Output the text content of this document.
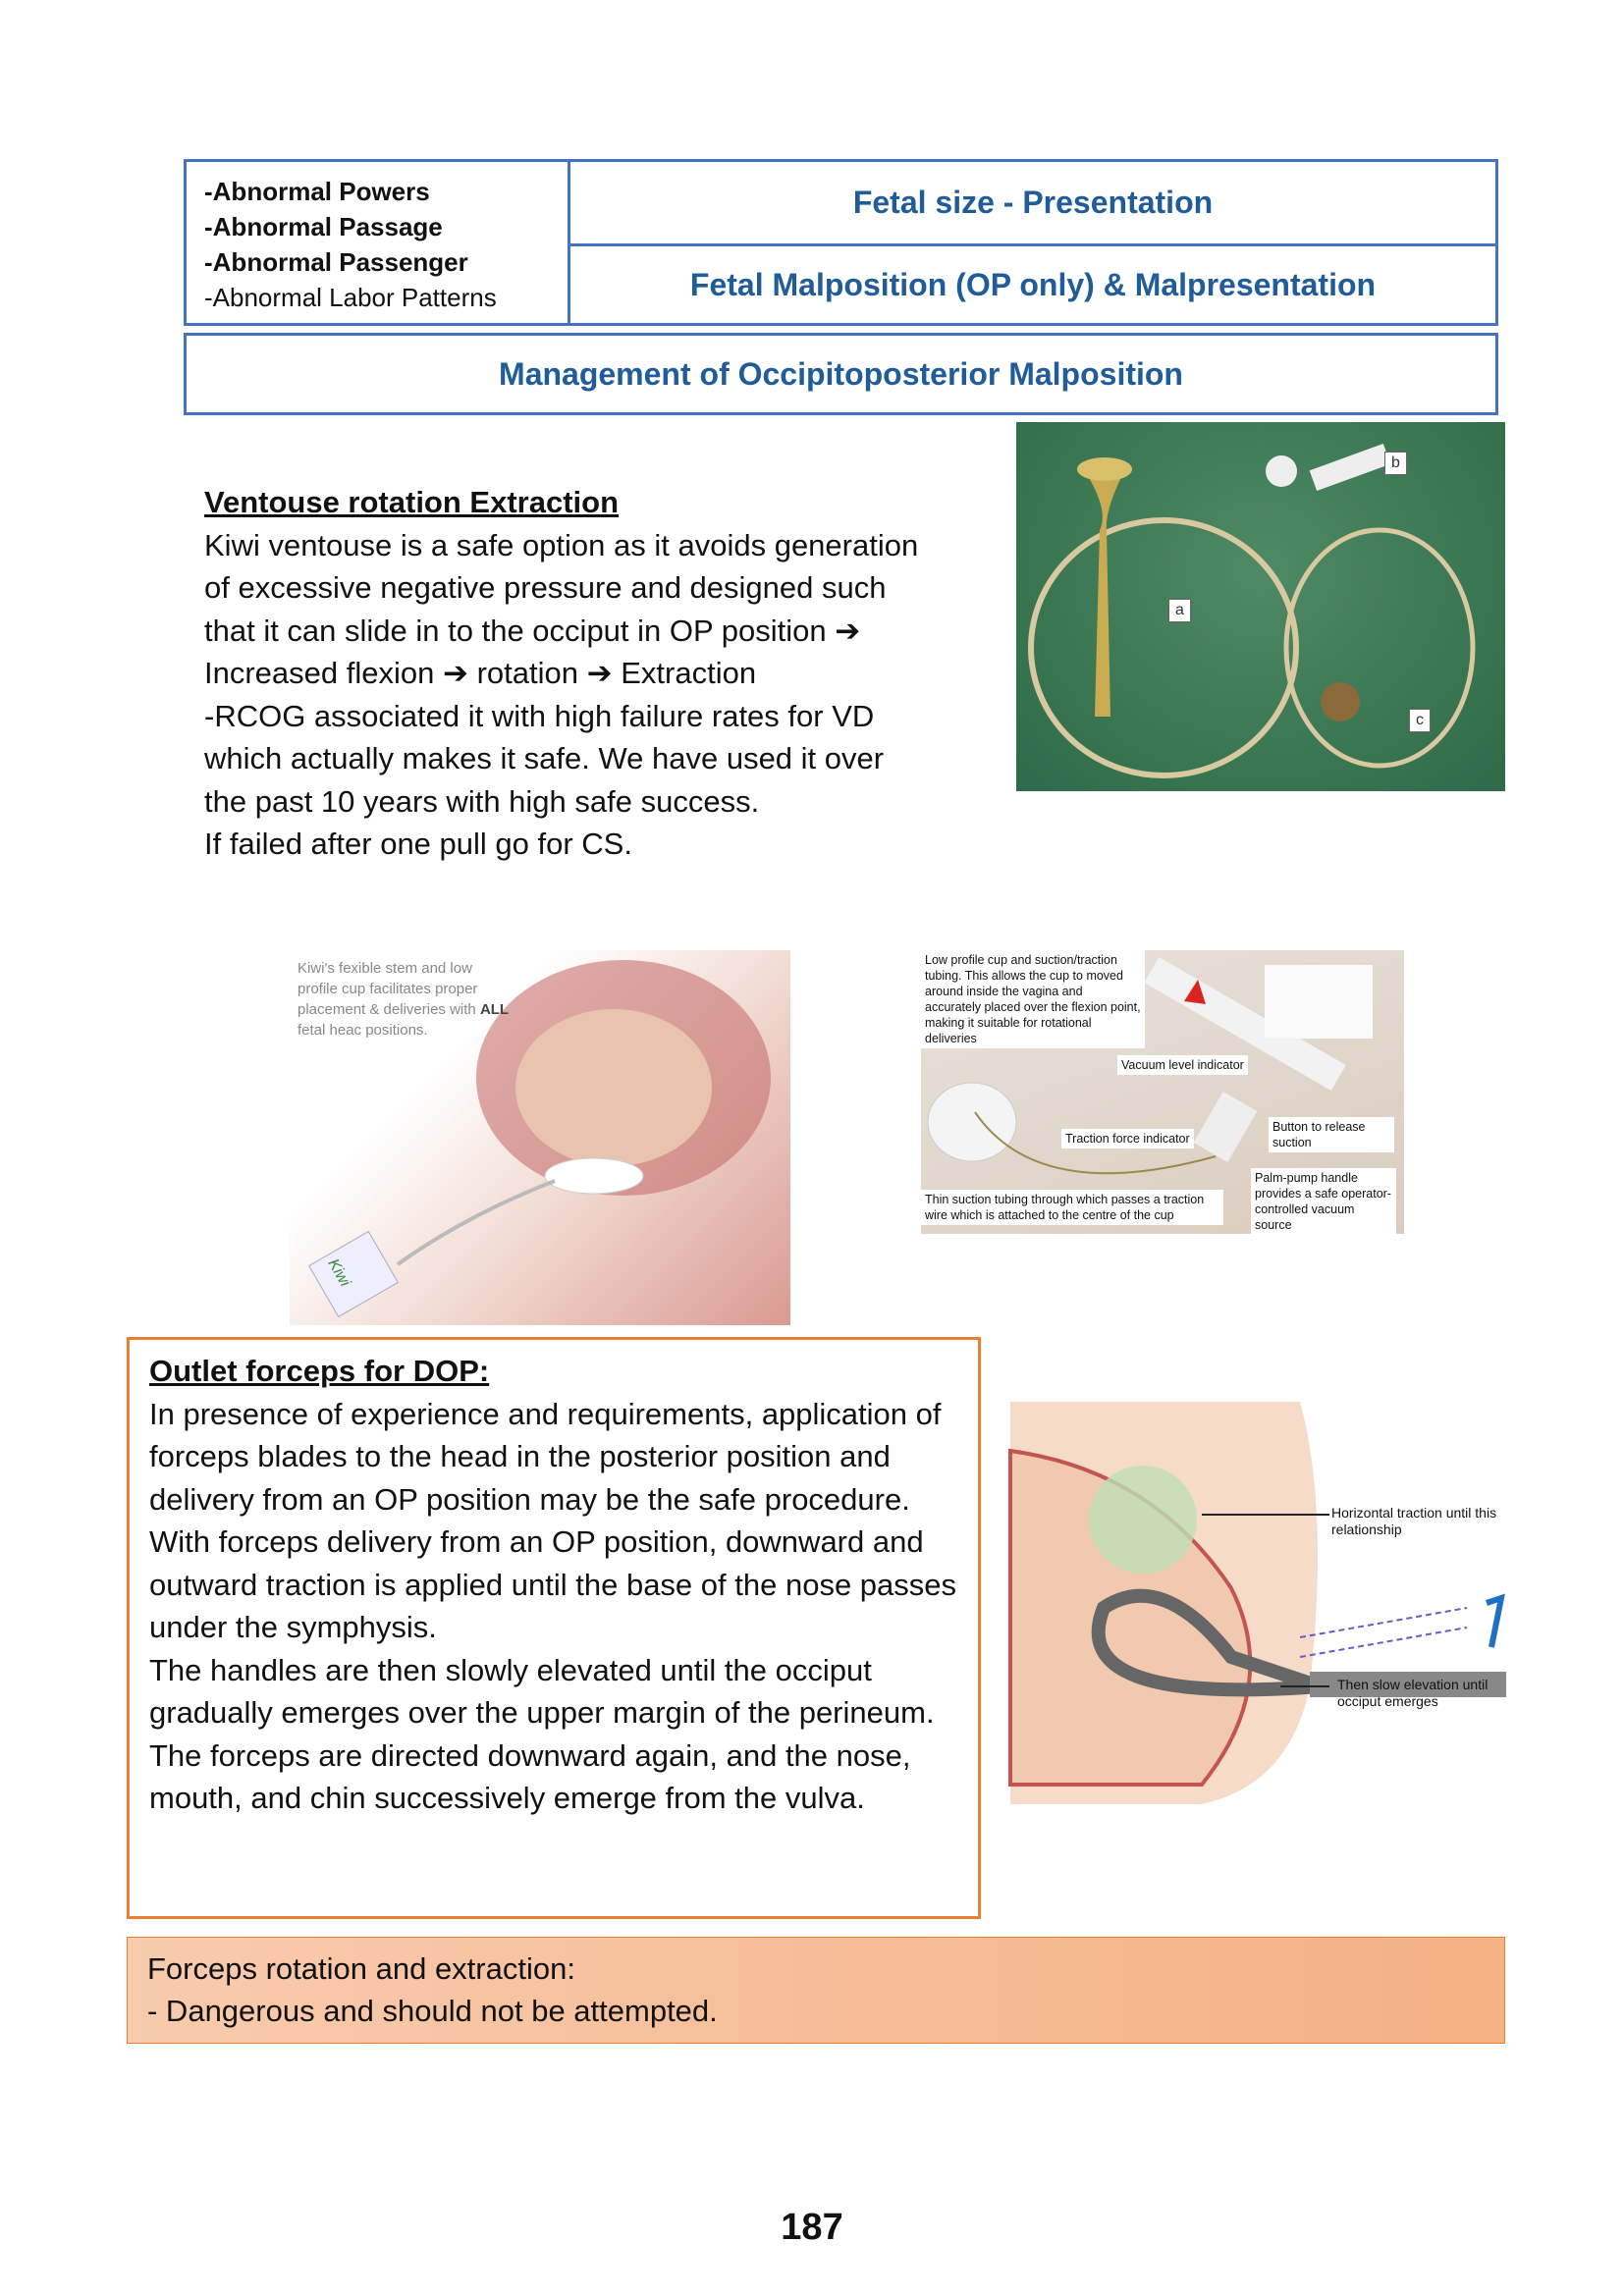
-Abnormal Powers
-Abnormal Passage
-Abnormal Passenger
-Abnormal Labor Patterns
Fetal size - Presentation
Fetal Malposition (OP only) & Malpresentation
Management of Occipitoposterior Malposition
Ventouse rotation Extraction

Kiwi ventouse is a safe option as it avoids generation of excessive negative pressure and designed such that it can slide in to the occiput in OP position ➔ Increased flexion ➔ rotation ➔ Extraction

-RCOG associated it with high failure rates for VD which actually makes it safe. We have used it over the past 10 years with high safe success.

If failed after one pull go for CS.

a
b
c
Kiwi's fexible stem and low profile cup facilitates proper placement & deliveries with ALL fetal heac positions.
Kiwi
Low profile cup and suction/traction tubing. This allows the cup to moved around inside the vagina and accurately placed over the flexion point, making it suitable for rotational deliveries
Vacuum level indicator
Traction force indicator
Button to release suction
Palm-pump handle provides a safe operator-controlled vacuum source
Thin suction tubing through which passes a traction wire which is attached to the centre of the cup
Outlet forceps for DOP:

In presence of experience and requirements, application of forceps blades to the head in the posterior position and delivery from an OP position may be the safe procedure.

With forceps delivery from an OP position, downward and outward traction is applied until the base of the nose passes under the symphysis.

The handles are then slowly elevated until the occiput gradually emerges over the upper margin of the perineum. The forceps are directed downward again, and the nose, mouth, and chin successively emerge from the vulva.

Horizontal traction until this relationship
Then slow elevation until occiput emerges
Forceps rotation and extraction:
- Dangerous and should not be attempted.
187
